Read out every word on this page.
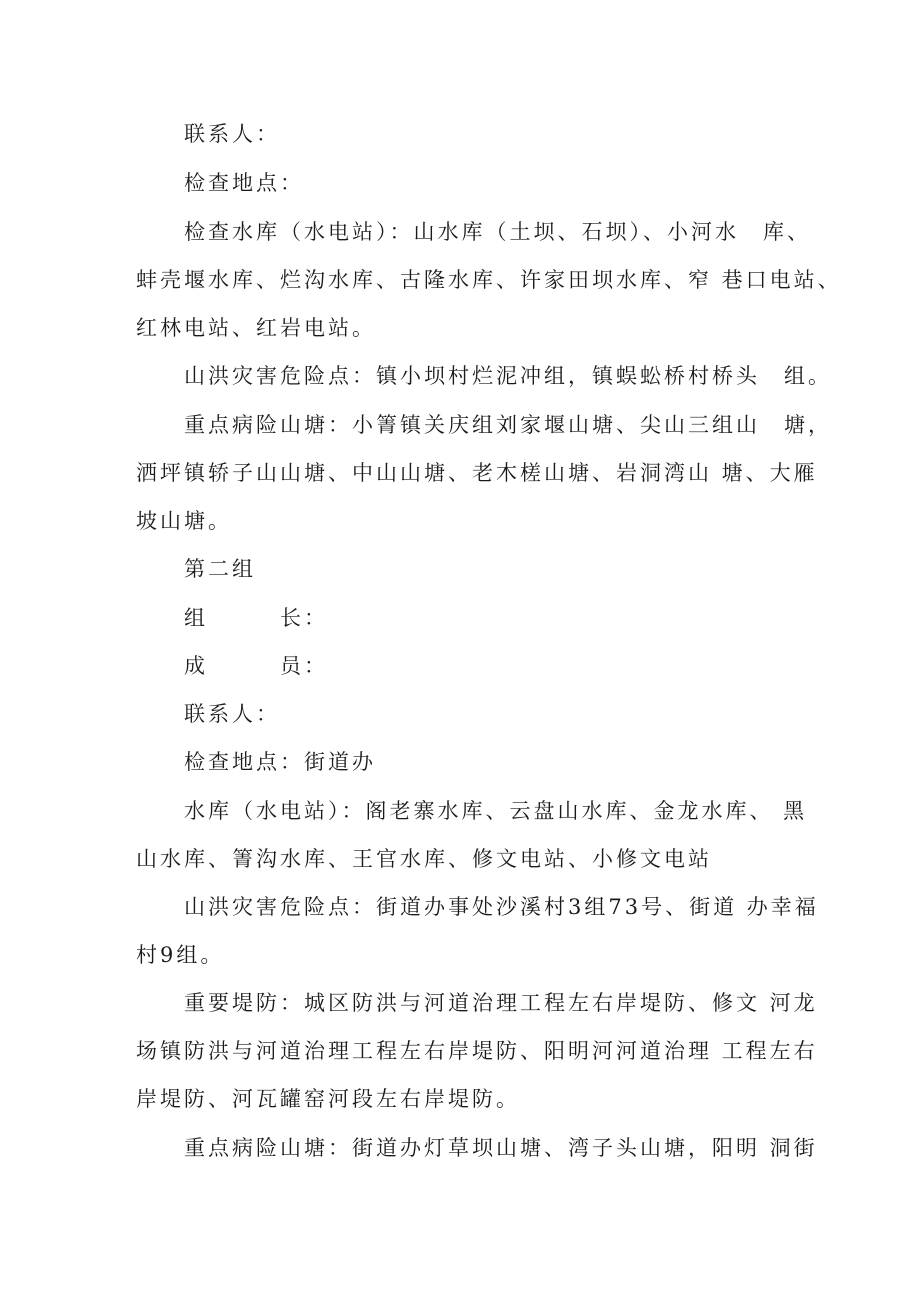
联系人：
检查地点：
检查水库（水电站）：山水库（土坝、石坝）、小河水　库、
蚌壳堰水库、烂沟水库、古隆水库、许家田坝水库、窄 巷口电站、
红林电站、红岩电站。
山洪灾害危险点：镇小坝村烂泥冲组，镇蜈蚣桥村桥头　组。
重点病险山塘：小箐镇关庆组刘家堰山塘、尖山三组山　塘，
洒坪镇轿子山山塘、中山山塘、老木槎山塘、岩洞湾山 塘、大雁
坡山塘。
第二组
组　　　长：
成　　　员：
联系人：
检查地点：街道办
水库（水电站）：阁老寨水库、云盘山水库、金龙水库、 黑
山水库、箐沟水库、王官水库、修文电站、小修文电站
山洪灾害危险点：街道办事处沙溪村3组73号、街道 办幸福
村9组。
重要堤防：城区防洪与河道治理工程左右岸堤防、修文 河龙
场镇防洪与河道治理工程左右岸堤防、阳明河河道治理 工程左右
岸堤防、河瓦罐窑河段左右岸堤防。
重点病险山塘：街道办灯草坝山塘、湾子头山塘，阳明 洞街
